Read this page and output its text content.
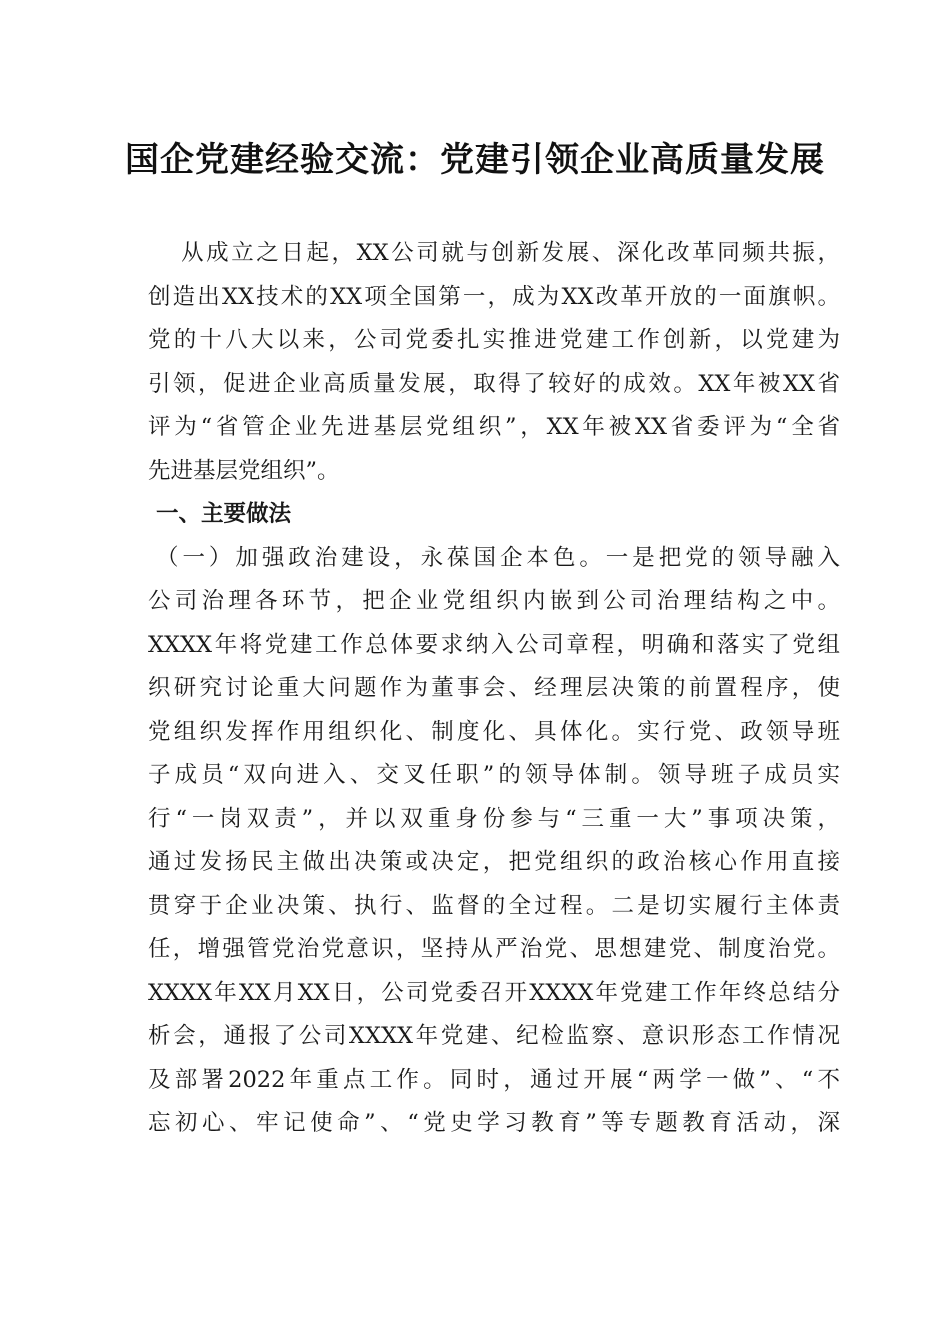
国企党建经验交流：党建引领企业高质量发展
　从成立之日起，XX公司就与创新发展、深化改革同频共振，
创造出XX技术的XX项全国第一，成为XX改革开放的一面旗帜。
党的十八大以来，公司党委扎实推进党建工作创新，以党建为
引领，促进企业高质量发展，取得了较好的成效。XX年被XX省
评为“省管企业先进基层党组织”，XX年被XX省委评为“全省
先进基层党组织”。
一、主要做法
（一）加强政治建设，永葆国企本色。一是把党的领导融入
公司治理各环节，把企业党组织内嵌到公司治理结构之中。
XXXX年将党建工作总体要求纳入公司章程，明确和落实了党组
织研究讨论重大问题作为董事会、经理层决策的前置程序，使
党组织发挥作用组织化、制度化、具体化。实行党、政领导班
子成员“双向进入、交叉任职”的领导体制。领导班子成员实
行“一岗双责”，并以双重身份参与“三重一大”事项决策，
通过发扬民主做出决策或决定，把党组织的政治核心作用直接
贯穿于企业决策、执行、监督的全过程。二是切实履行主体责
任，增强管党治党意识，坚持从严治党、思想建党、制度治党。
XXXX年XX月XX日，公司党委召开XXXX年党建工作年终总结分
析会，通报了公司XXXX年党建、纪检监察、意识形态工作情况
及部署2022年重点工作。同时，通过开展“两学一做”、“不
忘初心、牢记使命”、“党史学习教育”等专题教育活动，深
